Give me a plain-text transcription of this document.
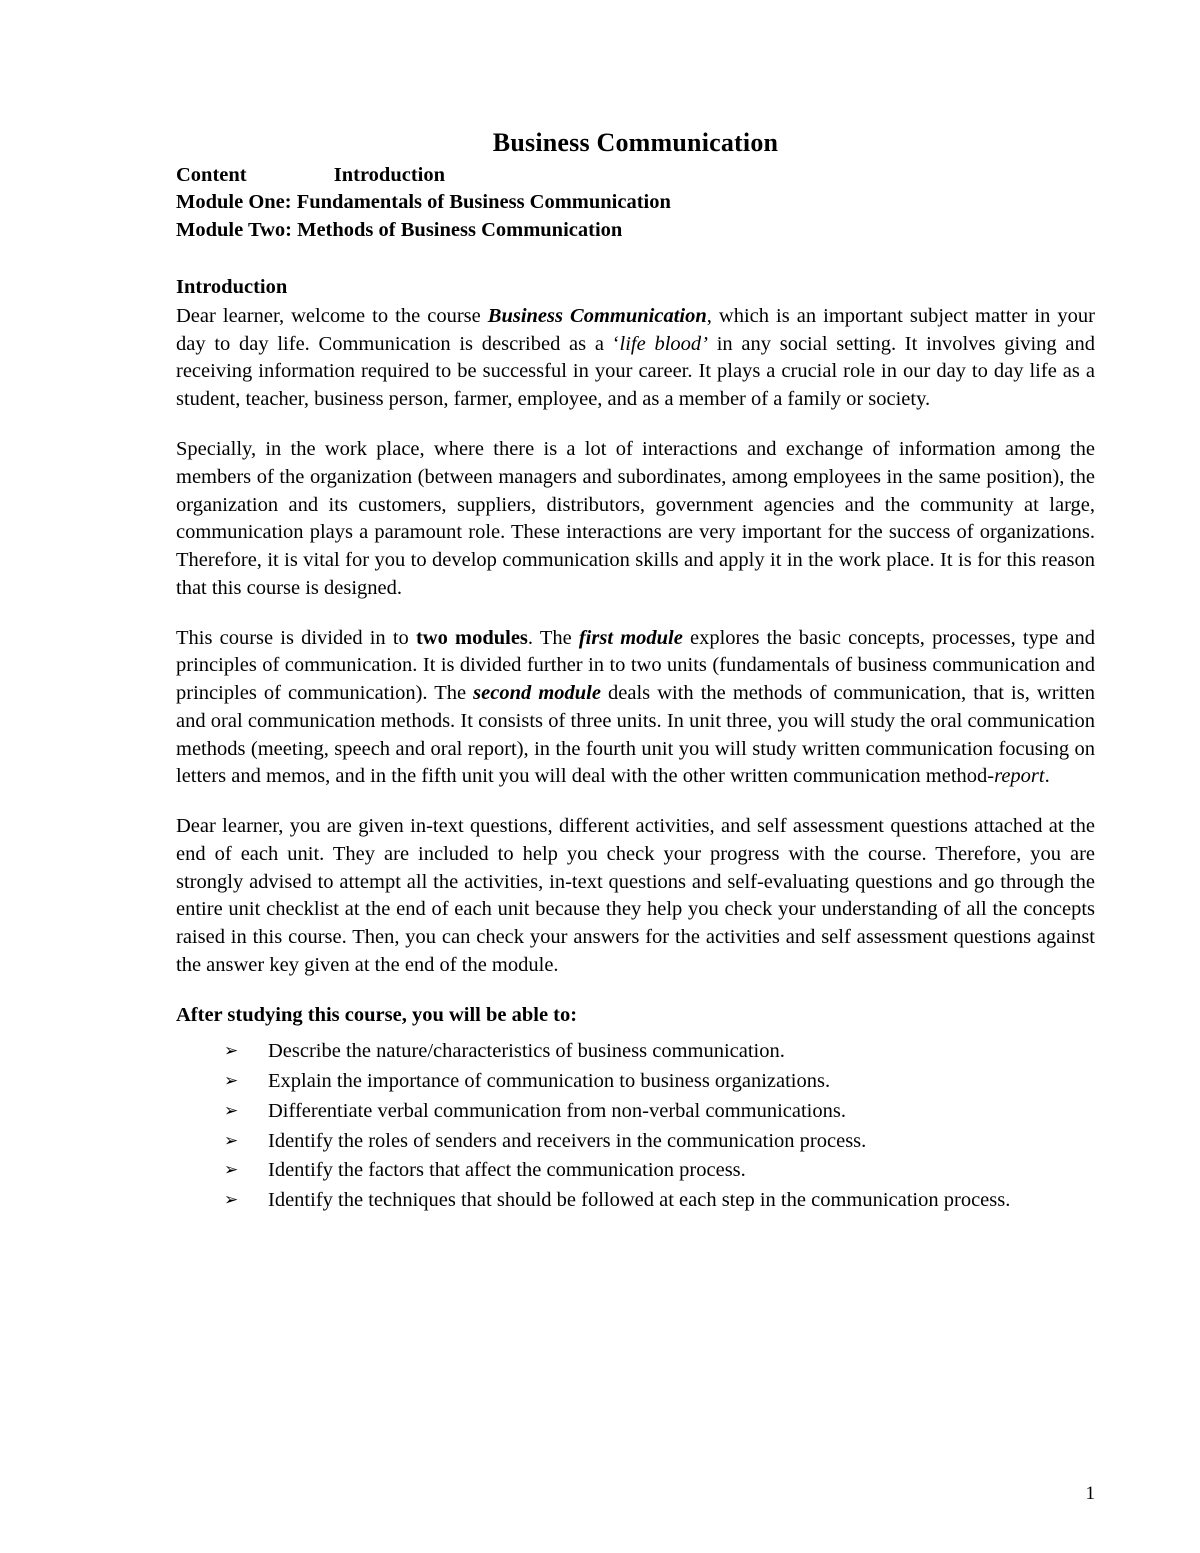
Business Communication

Content                 Introduction

Module One: Fundamentals of Business Communication

Module Two: Methods of Business Communication

Introduction

Dear learner, welcome to the course Business Communication, which is an important subject matter in your day to day life. Communication is described as a ‘life blood’ in any social setting. It involves giving and receiving information required to be successful in your career. It plays a crucial role in our day to day life as a student, teacher, business person, farmer, employee, and as a member of a family or society.

Specially, in the work place, where there is a lot of interactions and exchange of information among the members of the organization (between managers and subordinates, among employees in the same position), the organization and its customers, suppliers, distributors, government agencies and the community at large, communication plays a paramount role. These interactions are very important for the success of organizations. Therefore, it is vital for you to develop communication skills and apply it in the work place. It is for this reason that this course is designed.

This course is divided in to two modules. The first module explores the basic concepts, processes, type and principles of communication. It is divided further in to two units (fundamentals of business communication and principles of communication). The second module deals with the methods of communication, that is, written and oral communication methods. It consists of three units. In unit three, you will study the oral communication methods (meeting, speech and oral report), in the fourth unit you will study written communication focusing on letters and memos, and in the fifth unit you will deal with the other written communication method-report.

Dear learner, you are given in-text questions, different activities, and self assessment questions attached at the end of each unit. They are included to help you check your progress with the course. Therefore, you are strongly advised to attempt all the activities, in-text questions and self-evaluating questions and go through the entire unit checklist at the end of each unit because they help you check your understanding of all the concepts raised in this course. Then, you can check your answers for the activities and self assessment questions against the answer key given at the end of the module.

After studying this course, you will be able to:
➢ Describe the nature/characteristics of business communication.
➢ Explain the importance of communication to business organizations.
➢ Differentiate verbal communication from non-verbal communications.
➢ Identify the roles of senders and receivers in the communication process.
➢ Identify the factors that affect the communication process.
➢ Identify the techniques that should be followed at each step in the communication process.
1
